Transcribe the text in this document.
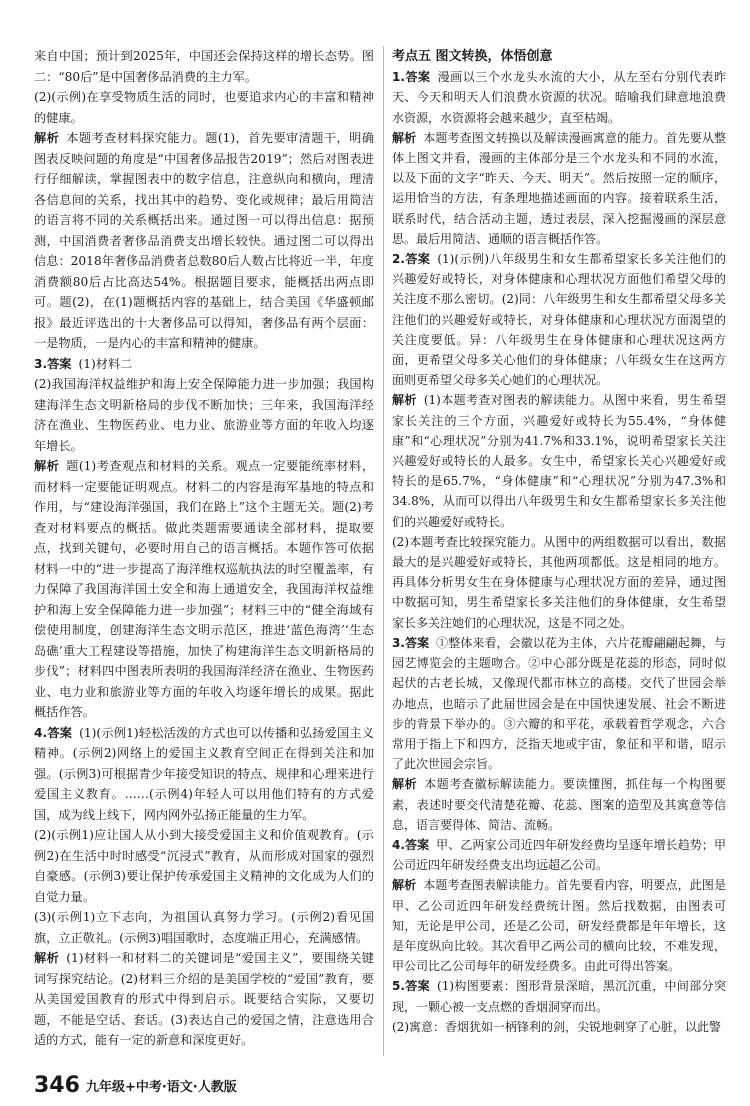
来自中国；预计到2025年，中国还会保持这样的增长态势。图二：“80后”是中国奢侈品消费的主力军。

(2)(示例)在享受物质生活的同时，也要追求内心的丰富和精神的健康。

解析 本题考查材料探究能力。题(1)，首先要审清题干，明确图表反映问题的角度是“中国奢侈品报告2019”；然后对图表进行仔细解读，掌握图表中的数字信息，注意纵向和横向，理清各信息间的关系，找出其中的趋势、变化或规律；最后用简洁的语言将不同的关系概括出来。通过图一可以得出信息：据预测，中国消费者奢侈品消费支出增长较快。通过图二可以得出信息：2018年奢侈品消费者总数80后人数占比将近一半，年度消费额80后占比高达54%。根据题目要求，能概括出两点即可。题(2)，在(1)题概括内容的基础上，结合美国《华盛顿邮报》最近评选出的十大奢侈品可以得知，奢侈品有两个层面：一是物质，一是内心的丰富和精神的健康。

3.答案 (1)材料二

(2)我国海洋权益维护和海上安全保障能力进一步加强；我国构建海洋生态文明新格局的步伐不断加快；三年来，我国海洋经济在渔业、生物医药业、电力业、旅游业等方面的年收入均逐年增长。

解析 题(1)考查观点和材料的关系。观点一定要能统率材料，而材料一定要能证明观点。材料二的内容是海军基地的特点和作用，与“建设海洋强国，我们在路上”这个主题无关。题(2)考查对材料要点的概括。做此类题需要通读全部材料，提取要点，找到关键句，必要时用自己的语言概括。本题作答可依据材料一中的“进一步提高了海洋维权巡航执法的时空覆盖率，有力保障了我国海洋国土安全和海上通道安全，我国海洋权益维护和海上安全保障能力进一步加强”；材料三中的“健全海域有偿使用制度，创建海洋生态文明示范区，推进‘蓝色海湾’‘生态岛礁’重大工程建设等措施，加快了构建海洋生态文明新格局的步伐”；材料四中图表所表明的我国海洋经济在渔业、生物医药业、电力业和旅游业等方面的年收入均逐年增长的成果。据此概括作答。

4.答案 (1)(示例1)轻松活泼的方式也可以传播和弘扬爱国主义精神。(示例2)网络上的爱国主义教育空间正在得到关注和加强。(示例3)可根据青少年接受知识的特点、规律和心理来进行爱国主义教育。……(示例4)年轻人可以用他们特有的方式爱国，成为线上线下，网内网外弘扬正能量的生力军。

(2)(示例1)应让国人从小到大接受爱国主义和价值观教育。(示例2)在生活中时时感受“沉浸式”教育，从而形成对国家的强烈自豪感。(示例3)要让保护传承爱国主义精神的文化成为人们的自觉力量。

(3)(示例1)立下志向，为祖国认真努力学习。(示例2)看见国旗，立正敬礼。(示例3)唱国歌时，态度端正用心，充满感情。

解析 (1)材料一和材料二的关键词是“爱国主义”，要围绕关键词写探究结论。(2)材料三介绍的是美国学校的“爱国”教育，要从美国爱国教育的形式中得到启示。既要结合实际，又要切题，不能是空话、套话。(3)表达自己的爱国之情，注意选用合适的方式，能有一定的新意和深度更好。

考点五 图文转换，体悟创意

1.答案 漫画以三个水龙头水流的大小，从左至右分别代表昨天、今天和明天人们浪费水资源的状况。暗喻我们肆意地浪费水资源，水资源将会越来越少，直至枯竭。

解析 本题考查图文转换以及解读漫画寓意的能力。首先要从整体上图文并看，漫画的主体部分是三个水龙头和不同的水流，以及下面的文字“昨天、今天、明天”。然后按照一定的顺序，运用恰当的方法，有条理地描述画面的内容。接着联系生活，联系时代，结合活动主题，透过表层，深入挖掘漫画的深层意思。最后用简洁、通顺的语言概括作答。

2.答案 (1)(示例)八年级男生和女生都希望家长多关注他们的兴趣爱好或特长，对身体健康和心理状况方面他们希望父母的关注度不那么密切。(2)同：八年级男生和女生都希望父母多关注他们的兴趣爱好或特长，对身体健康和心理状况方面渴望的关注度要低。异：八年级男生在身体健康和心理状况这两方面，更希望父母多关心他们的身体健康；八年级女生在这两方面则更希望父母多关心她们的心理状况。

解析 (1)本题考查对图表的解读能力。从图中来看，男生希望家长关注的三个方面，兴趣爱好或特长为55.4%，“身体健康”和“心理状况”分别为41.7%和33.1%，说明希望家长关注兴趣爱好或特长的人最多。女生中，希望家长关心兴趣爱好或特长的是65.7%，“身体健康”和“心理状况”分别为47.3%和34.8%，从而可以得出八年级男生和女生都希望家长多关注他们的兴趣爱好或特长。

(2)本题考查比较探究能力。从图中的两组数据可以看出，数据最大的是兴趣爱好或特长，其他两项都低。这是相同的地方。再具体分析男女生在身体健康与心理状况方面的差异，通过图中数据可知，男生希望家长多关注他们的身体健康，女生希望家长多关注她们的心理状况，这是不同之处。

3.答案 ①整体来看，会徽以花为主体，六片花瓣翩翩起舞，与园艺博览会的主题吻合。②中心部分既是花蕊的形态，同时似起伏的古老长城，又像现代都市林立的高楼。交代了世园会举办地点，也暗示了此届世园会是在中国快速发展、社会不断进步的背景下举办的。③六瓣的和平花，承载着哲学观念，六合常用于指上下和四方，泛指天地或宇宙，象征和平和谐，昭示了此次世园会宗旨。

解析 本题考查徽标解读能力。要读懂图，抓住每一个构图要素，表述时要交代清楚花瓣、花蕊、图案的造型及其寓意等信息，语言要得体、简洁、流畅。

4.答案 甲、乙两家公司近四年研发经费均呈逐年增长趋势；甲公司近四年研发经费支出均远超乙公司。

解析 本题考查图表解读能力。首先要看内容，明要点，此图是甲、乙公司近四年研发经费统计图。然后找数据，由图表可知，无论是甲公司，还是乙公司，研发经费都是年年增长，这是年度纵向比较。其次看甲乙两公司的横向比较，不难发现，甲公司比乙公司每年的研发经费多。由此可得出答案。

5.答案 (1)构图要素：图形背景深暗，黑沉沉重，中间部分突现，一颗心被一支点燃的香烟洞穿而出。

(2)寓意：香烟犹如一柄锋利的剑，尖锐地刺穿了心脏，以此警

346 九年级+中考·语文·人教版
